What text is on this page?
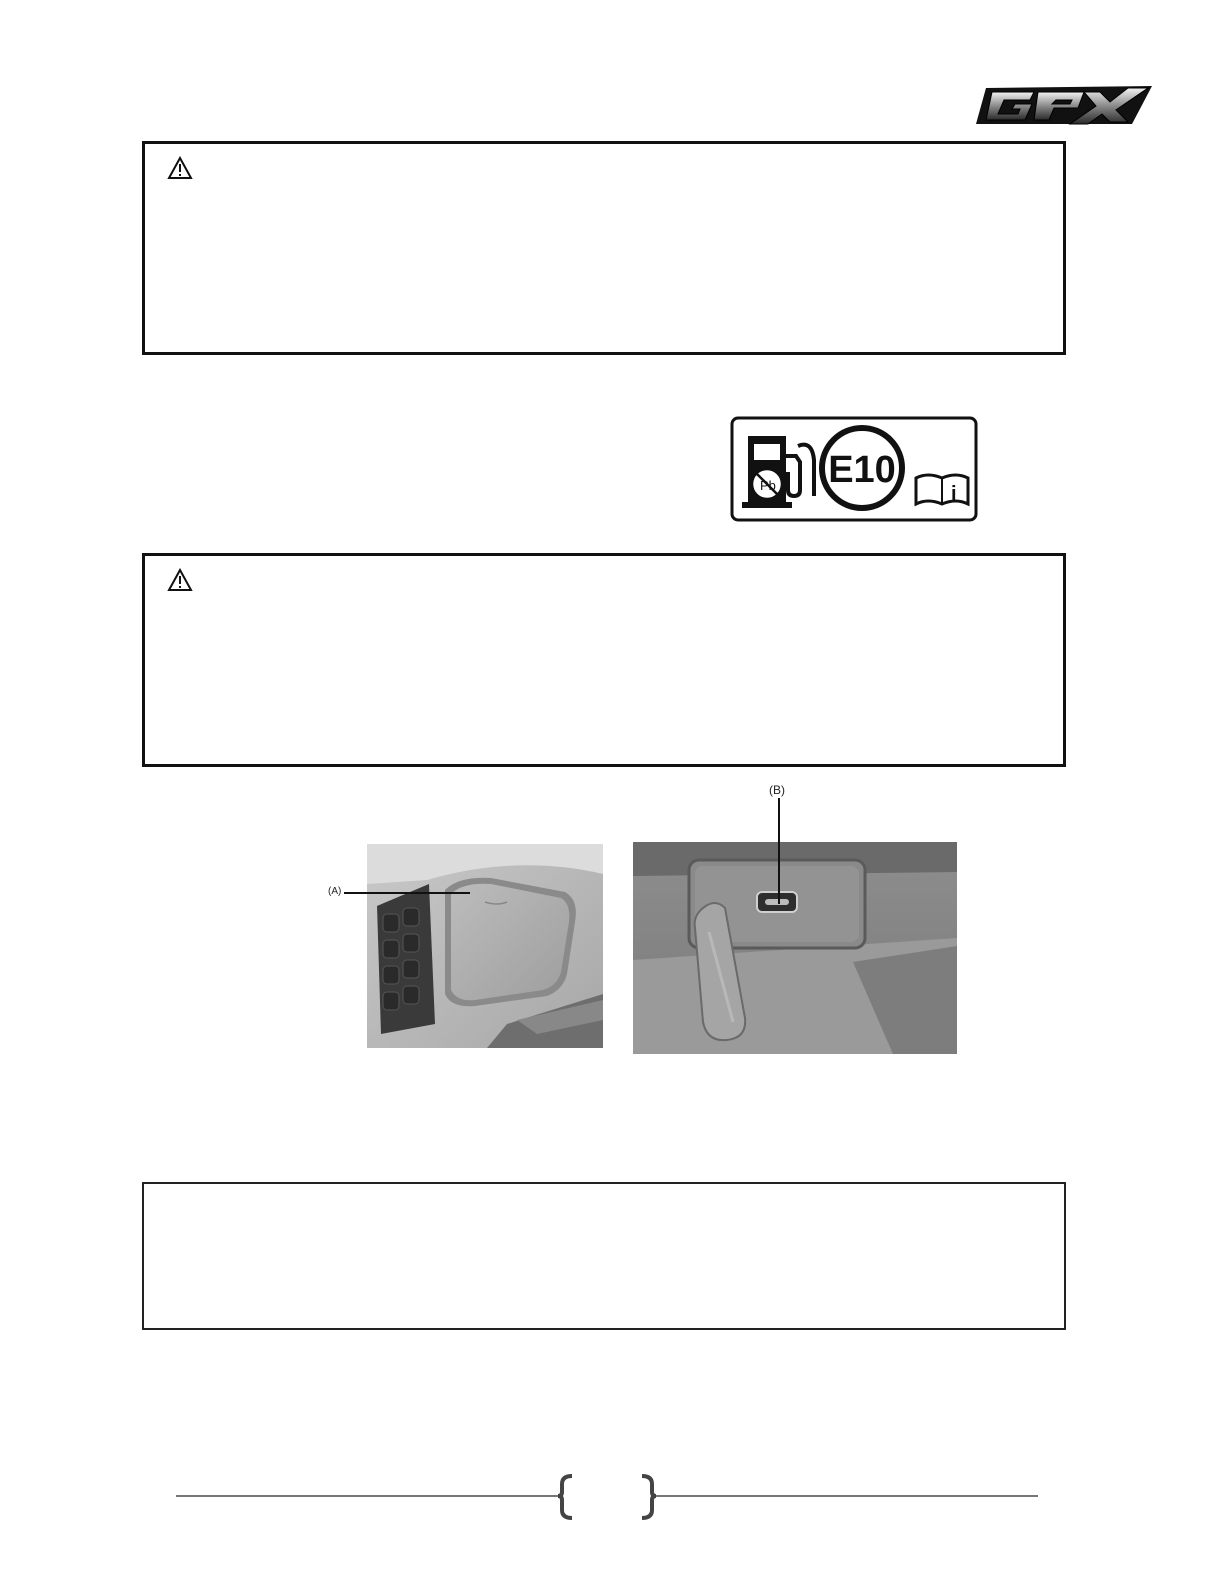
Pb E10
i
(B)
(A)
